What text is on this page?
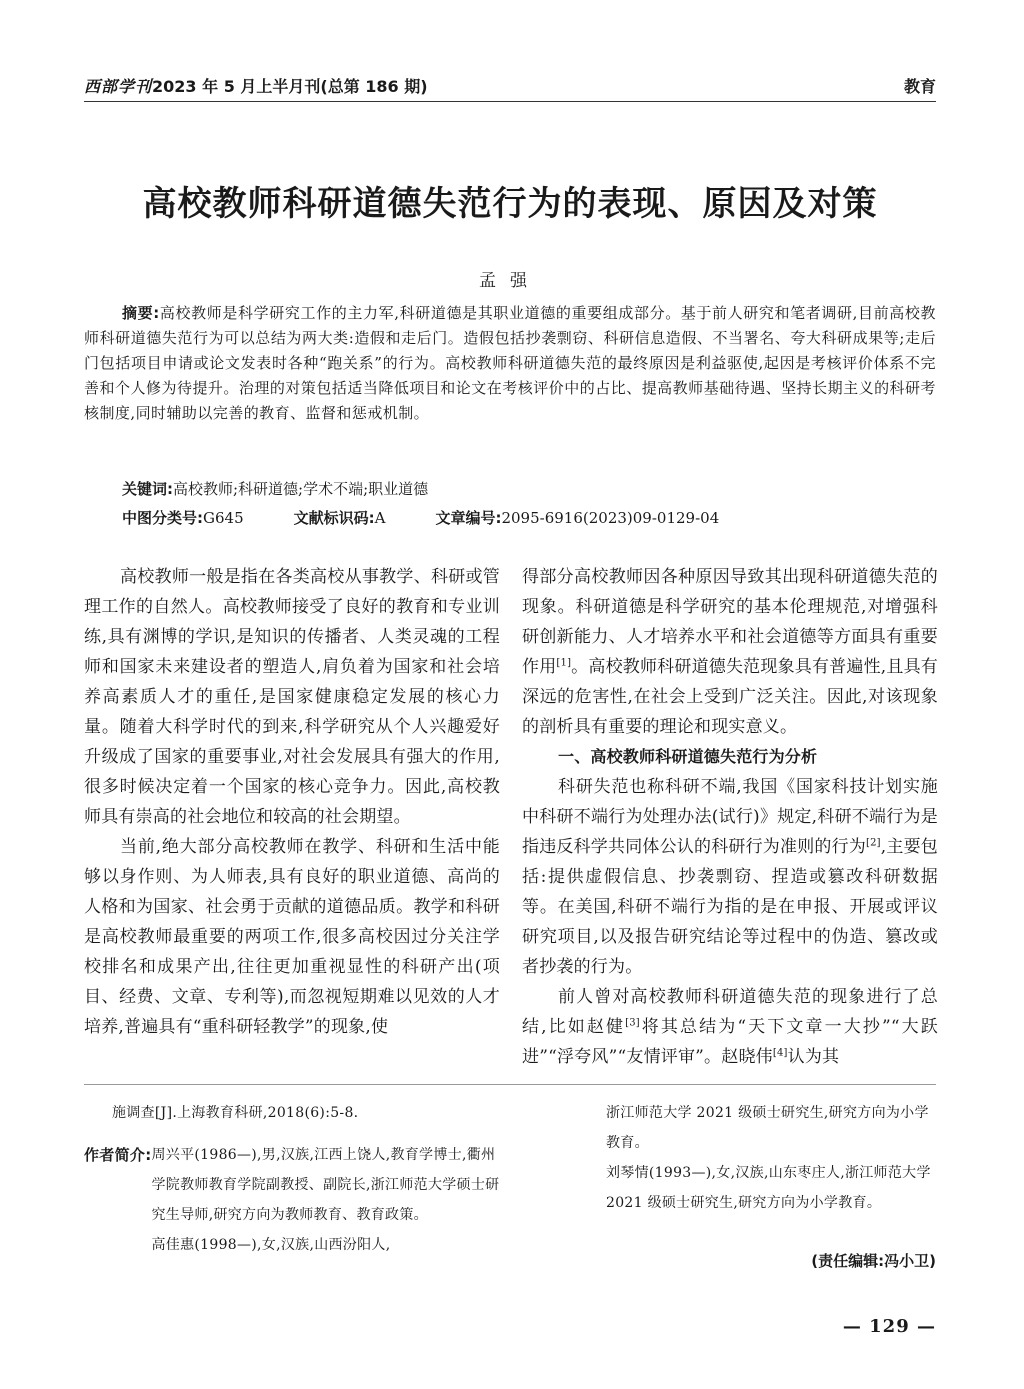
西部学刊2023 年 5 月上半月刊(总第 186 期)	教育
高校教师科研道德失范行为的表现、原因及对策
孟强

摘要:高校教师是科学研究工作的主力军,科研道德是其职业道德的重要组成部分。基于前人研究和笔者调研,目前高校教师科研道德失范行为可以总结为两大类:造假和走后门。造假包括抄袭剽窃、科研信息造假、不当署名、夸大科研成果等;走后门包括项目申请或论文发表时各种“跑关系”的行为。高校教师科研道德失范的最终原因是利益驱使,起因是考核评价体系不完善和个人修为待提升。治理的对策包括适当降低项目和论文在考核评价中的占比、提高教师基础待遇、坚持长期主义的科研考核制度,同时辅助以完善的教育、监督和惩戒机制。

关键词:高校教师;科研道德;学术不端;职业道德
中图分类号:G645	文献标识码:A	文章编号:2095-6916(2023)09-0129-04

高校教师一般是指在各类高校从事教学、科研或管理工作的自然人。高校教师接受了良好的教育和专业训练,具有渊博的学识,是知识的传播者、人类灵魂的工程师和国家未来建设者的塑造人,肩负着为国家和社会培养高素质人才的重任,是国家健康稳定发展的核心力量。随着大科学时代的到来,科学研究从个人兴趣爱好升级成了国家的重要事业,对社会发展具有强大的作用,很多时候决定着一个国家的核心竞争力。因此,高校教师具有崇高的社会地位和较高的社会期望。

当前,绝大部分高校教师在教学、科研和生活中能够以身作则、为人师表,具有良好的职业道德、高尚的人格和为国家、社会勇于贡献的道德品质。教学和科研是高校教师最重要的两项工作,很多高校因过分关注学校排名和成果产出,往往更加重视显性的科研产出(项目、经费、文章、专利等),而忽视短期难以见效的人才培养,普遍具有“重科研轻教学”的现象,使

得部分高校教师因各种原因导致其出现科研道德失范的现象。科研道德是科学研究的基本伦理规范,对增强科研创新能力、人才培养水平和社会道德等方面具有重要作用[1]。高校教师科研道德失范现象具有普遍性,且具有深远的危害性,在社会上受到广泛关注。因此,对该现象的剖析具有重要的理论和现实意义。

一、高校教师科研道德失范行为分析

科研失范也称科研不端,我国《国家科技计划实施中科研不端行为处理办法(试行)》规定,科研不端行为是指违反科学共同体公认的科研行为准则的行为[2],主要包括:提供虚假信息、抄袭剽窃、捏造或篡改科研数据等。在美国,科研不端行为指的是在申报、开展或评议研究项目,以及报告研究结论等过程中的伪造、篡改或者抄袭的行为。

前人曾对高校教师科研道德失范的现象进行了总结,比如赵健[3]将其总结为“天下文章一大抄”“大跃进”“浮夸风”“友情评审”。赵晓伟[4]认为其

施调查[J].上海教育科研,2018(6):5-8.
作者简介: 周兴平(1986—),男,汉族,江西上饶人,教育学博士,衢州学院教师教育学院副教授、副院长,浙江师范大学硕士研究生导师,研究方向为教师教育、教育政策。

高佳惠(1998—),女,汉族,山西汾阳人,

浙江师范大学 2021 级硕士研究生,研究方向为小学教育。

刘琴情(1993—),女,汉族,山东枣庄人,浙江师范大学 2021 级硕士研究生,研究方向为小学教育。

(责任编辑:冯小卫)
— 129 —
